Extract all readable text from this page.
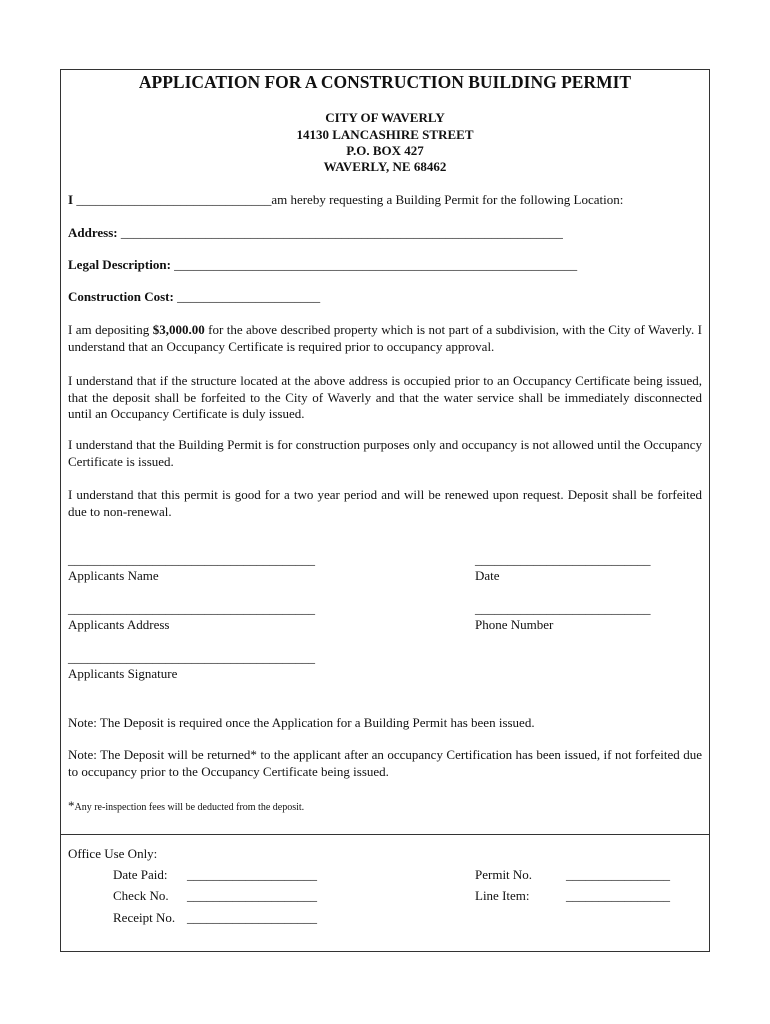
APPLICATION FOR A CONSTRUCTION BUILDING PERMIT
CITY OF WAVERLY
14130 LANCASHIRE STREET
P.O. BOX 427
WAVERLY, NE 68462
I ______________________________am hereby requesting a Building Permit for the following Location:
Address: ____________________________________________________________________
Legal Description: ______________________________________________________________
Construction Cost: ______________________
I am depositing $3,000.00 for the above described property which is not part of a subdivision, with the City of Waverly. I understand that an Occupancy Certificate is required prior to occupancy approval.
I understand that if the structure located at the above address is occupied prior to an Occupancy Certificate being issued, that the deposit shall be forfeited to the City of Waverly and that the water service shall be immediately disconnected until an Occupancy Certificate is duly issued.
I understand that the Building Permit is for construction purposes only and occupancy is not allowed until the Occupancy Certificate is issued.
I understand that this permit is good for a two year period and will be renewed upon request. Deposit shall be forfeited due to non-renewal.
______________________________________
Applicants Name
___________________________
Date
______________________________________
Applicants Address
___________________________
Phone Number
______________________________________
Applicants Signature
Note: The Deposit is required once the Application for a Building Permit has been issued.
Note: The Deposit will be returned* to the applicant after an occupancy Certification has been issued, if not forfeited due to occupancy prior to the Occupancy Certificate being issued.
*Any re-inspection fees will be deducted from the deposit.
Office Use Only:
Date Paid: ____________________	Permit No.	________________
Check No. ____________________	Line Item:	________________
Receipt No. ____________________
